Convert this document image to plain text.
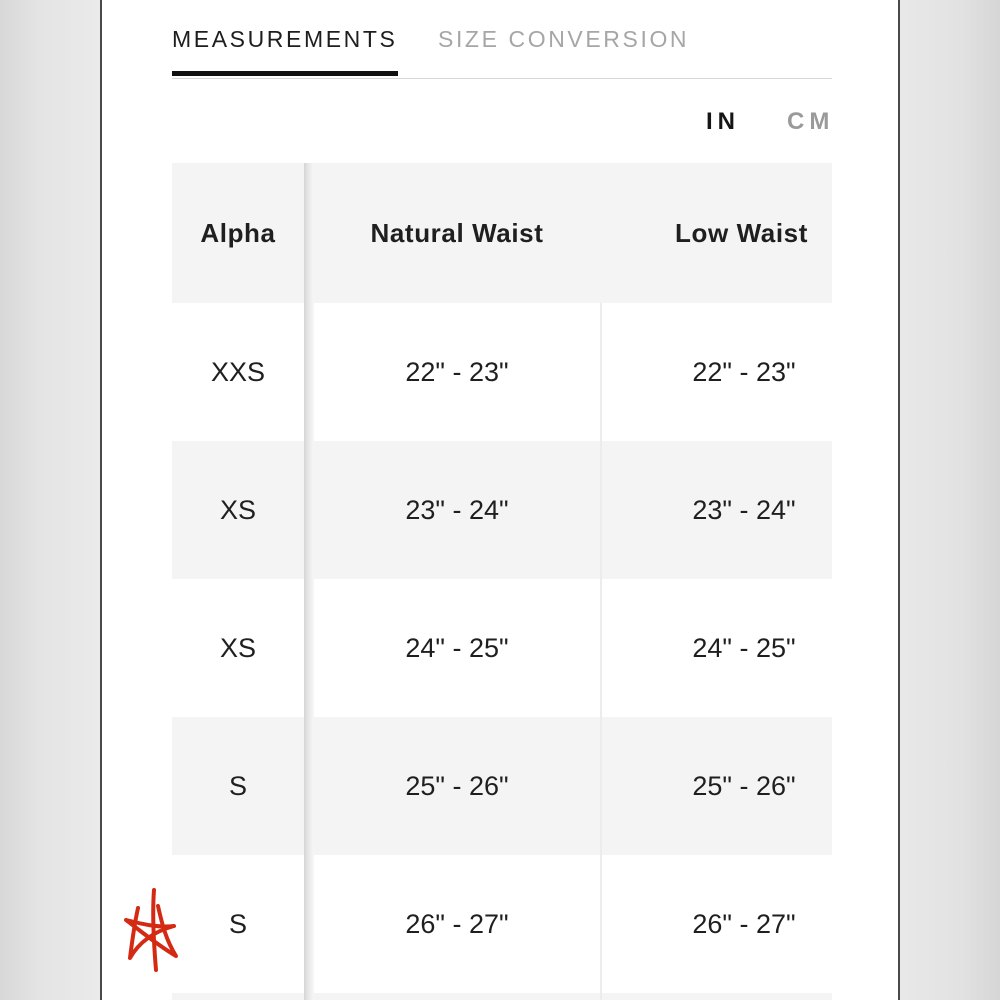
MEASUREMENTS SIZE CONVERSION
IN CM
Alpha	Natural Waist	Low Waist
XXS	22" - 23"	22" - 23"
XS	23" - 24"	23" - 24"
XS	24" - 25"	24" - 25"
S	25" - 26"	25" - 26"
S	26" - 27"	26" - 27"
